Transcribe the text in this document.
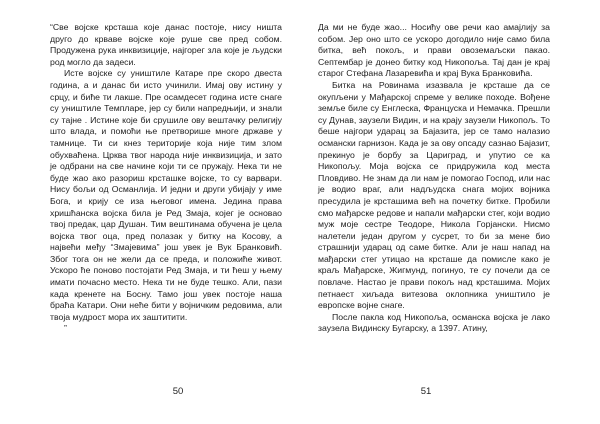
“Све војске крсташа које данас постоје, нису ништа друго до крваве војске које руше све пред собом. Продужена рука инквизиције, најгорег зла које је људски род могло да задеси.

Исте војске су уништиле Катаре пре скоро двеста година, а и данас би исто учинили. Имај ову истину у срцу, и биће ти лакше. Пре осамдесет година исте снаге су уништиле Темпларе, јер су били напредњији, и знали су тајне . Истине које би срушиле ову вештачку религију што влада, и помоћи ње претворише многе државе у тамнице. Ти си кнез територије која није тим злом обухваћена. Црква твог народа није инквизиција, и зато је одбрани на све начине који ти се пружају. Нека ти не буде жао ако разориш крсташке војске, то су варвари. Нису бољи од Османлија. И једни и други убијају у име Бога, и крију се иза његовог имена. Једина права хришћанска војска била је Ред Змаја, којег је основао твој предак, цар Душан. Тим вештинама обучена је цела војска твог оца, пред полазак у битку на Косову, а највећи међу “Змајевима” још увек је Вук Бранковић. Због тога он не жели да се преда, и положиће живот. Ускоро ће поново постојати Ред Змаја, и ти ћеш у њему имати почасно место. Нека ти не буде тешко. Али, пази када кренете на Босну. Тамо још увек постоје наша браћа Катари. Они неће бити у војничким редовима, али твоја мудрост мора их заштитити.

”

50

Да ми не буде жао... Носићу ове речи као амајлију за собом. Јер оно што се ускоро догодило није само била битка, већ покољ, и прави овоземаљски пакао. Септембар је донео битку код Никопоља. Тај дан је крај старог Стефана Лазаревића и крај Вука Бранковића.

Битка на Ровинама изазвала је крсташе да се окупљени у Мађарској спреме у велике походе. Вођене земље биле су Енглеска, Француска и Немачка. Прешли су Дунав, заузели Видин, и на крају заузели Никопољ. То беше најгори ударац за Бајазита, јер се тамо налазио османски гарнизон. Када је за ову опсаду сазнао Бајазит, прекинуо је борбу за Цариград, и упутио се ка Никопољу. Моја војска се придружила код места Пловдиво. Не знам да ли нам је помогао Господ, или нас је водио враг, али надљудска снага мојих војника пресудила је крсташима већ на почетку битке. Пробили смо мађарске редове и напали мађарски стег, који водио муж моје сестре Теодоре, Никола Горјански. Нисмо налетели један другом у сусрет, то би за мене био страшнији ударац од саме битке. Али је наш напад на мађарски стег утицао на крсташе да помисле како је краљ Мађарске, Жигмунд, погинуо, те су почели да се повлаче. Настао је прави покољ над крсташима. Мојих петнаест хиљада витезова оклопника уништило је европске војне снаге.

После пакла код Никопоља, османска војска је лако заузела Видинску Бугарску, а 1397. Атину,

51
